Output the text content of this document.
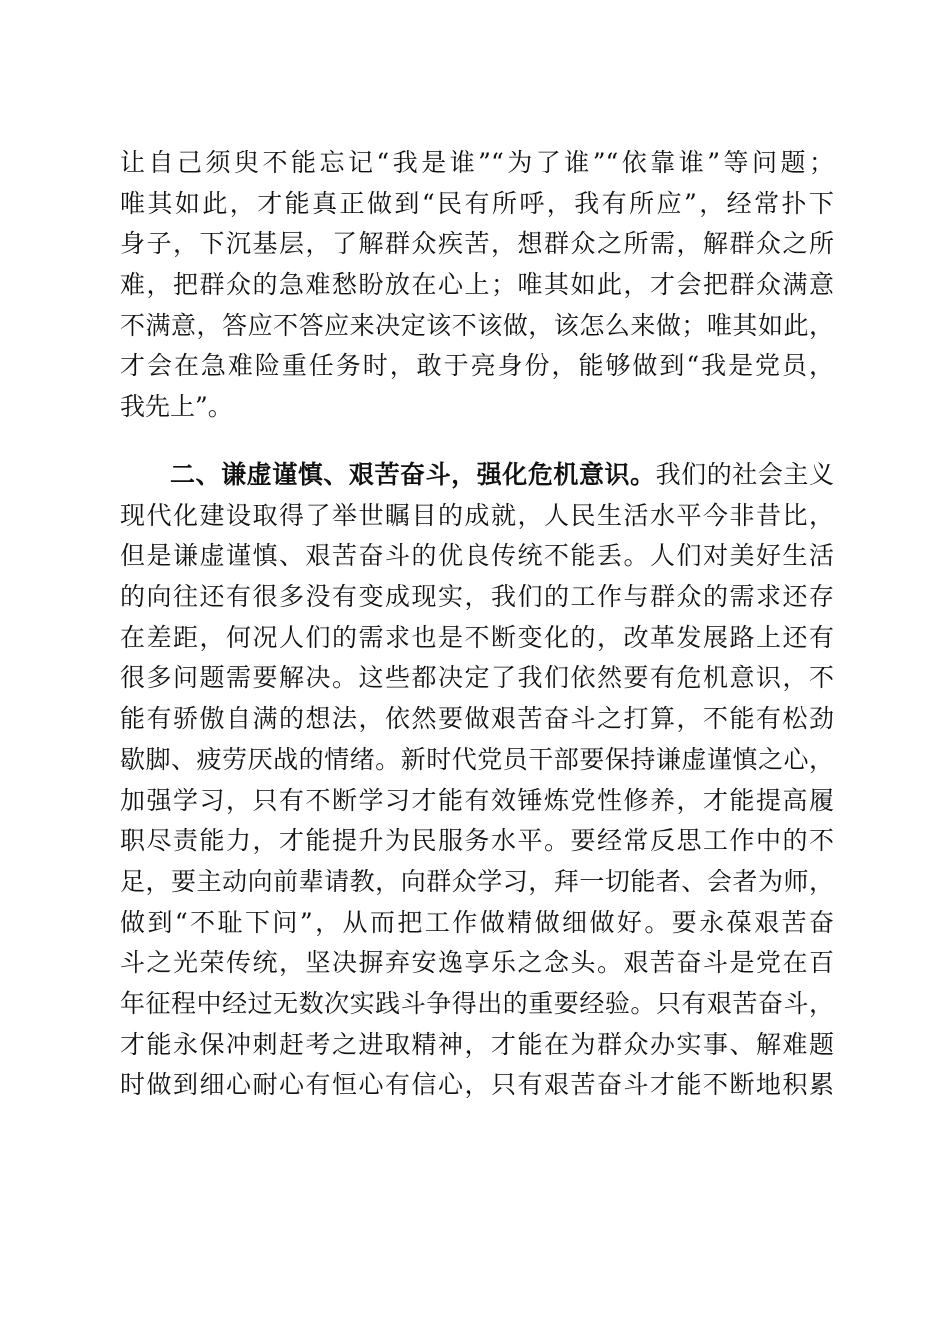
让自己须臾不能忘记“我是谁”“为了谁”“依靠谁”等问题；
唯其如此，才能真正做到“民有所呼，我有所应”，经常扑下
身子，下沉基层，了解群众疾苦，想群众之所需，解群众之所
难，把群众的急难愁盼放在心上；唯其如此，才会把群众满意
不满意，答应不答应来决定该不该做，该怎么来做；唯其如此，
才会在急难险重任务时，敢于亮身份，能够做到“我是党员，
我先上”。
二、谦虚谨慎、艰苦奋斗，强化危机意识。我们的社会主义
现代化建设取得了举世瞩目的成就，人民生活水平今非昔比，
但是谦虚谨慎、艰苦奋斗的优良传统不能丢。人们对美好生活
的向往还有很多没有变成现实，我们的工作与群众的需求还存
在差距，何况人们的需求也是不断变化的，改革发展路上还有
很多问题需要解决。这些都决定了我们依然要有危机意识，不
能有骄傲自满的想法，依然要做艰苦奋斗之打算，不能有松劲
歇脚、疲劳厌战的情绪。新时代党员干部要保持谦虚谨慎之心，
加强学习，只有不断学习才能有效锤炼党性修养，才能提高履
职尽责能力，才能提升为民服务水平。要经常反思工作中的不
足，要主动向前辈请教，向群众学习，拜一切能者、会者为师，
做到“不耻下问”，从而把工作做精做细做好。要永葆艰苦奋
斗之光荣传统，坚决摒弃安逸享乐之念头。艰苦奋斗是党在百
年征程中经过无数次实践斗争得出的重要经验。只有艰苦奋斗，
才能永保冲刺赶考之进取精神，才能在为群众办实事、解难题
时做到细心耐心有恒心有信心，只有艰苦奋斗才能不断地积累
